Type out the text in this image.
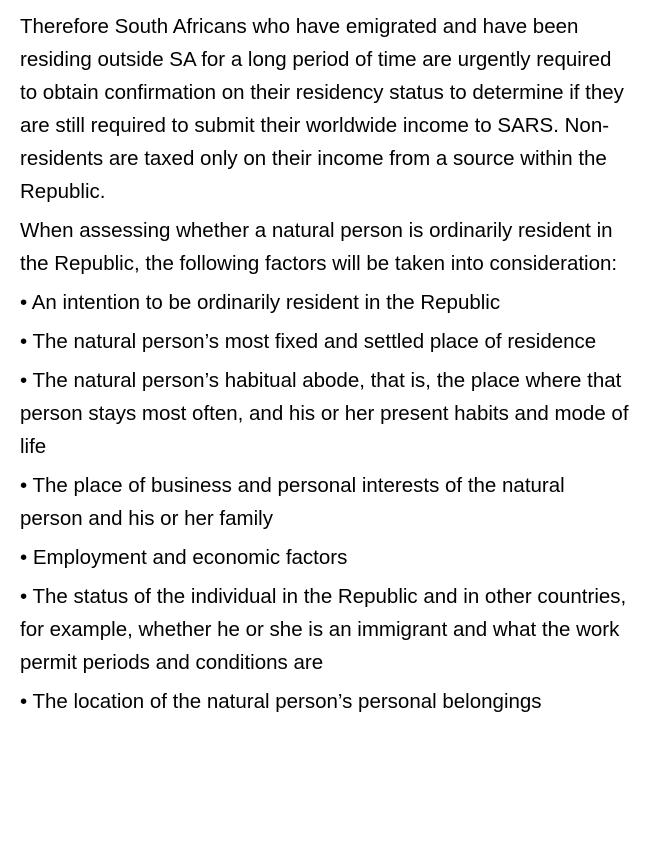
Therefore South Africans who have emigrated and have been residing outside SA for a long period of time are urgently required to obtain confirmation on their residency status to determine if they are still required to submit their worldwide income to SARS. Non-residents are taxed only on their income from a source within the Republic.

When assessing whether a natural person is ordinarily resident in the Republic, the following factors will be taken into consideration:

• An intention to be ordinarily resident in the Republic

• The natural person’s most fixed and settled place of residence

• The natural person’s habitual abode, that is, the place where that person stays most often, and his or her present habits and mode of life

• The place of business and personal interests of the natural person and his or her family

• Employment and economic factors

• The status of the individual in the Republic and in other countries, for example, whether he or she is an immigrant and what the work permit periods and conditions are

• The location of the natural person’s personal belongings
